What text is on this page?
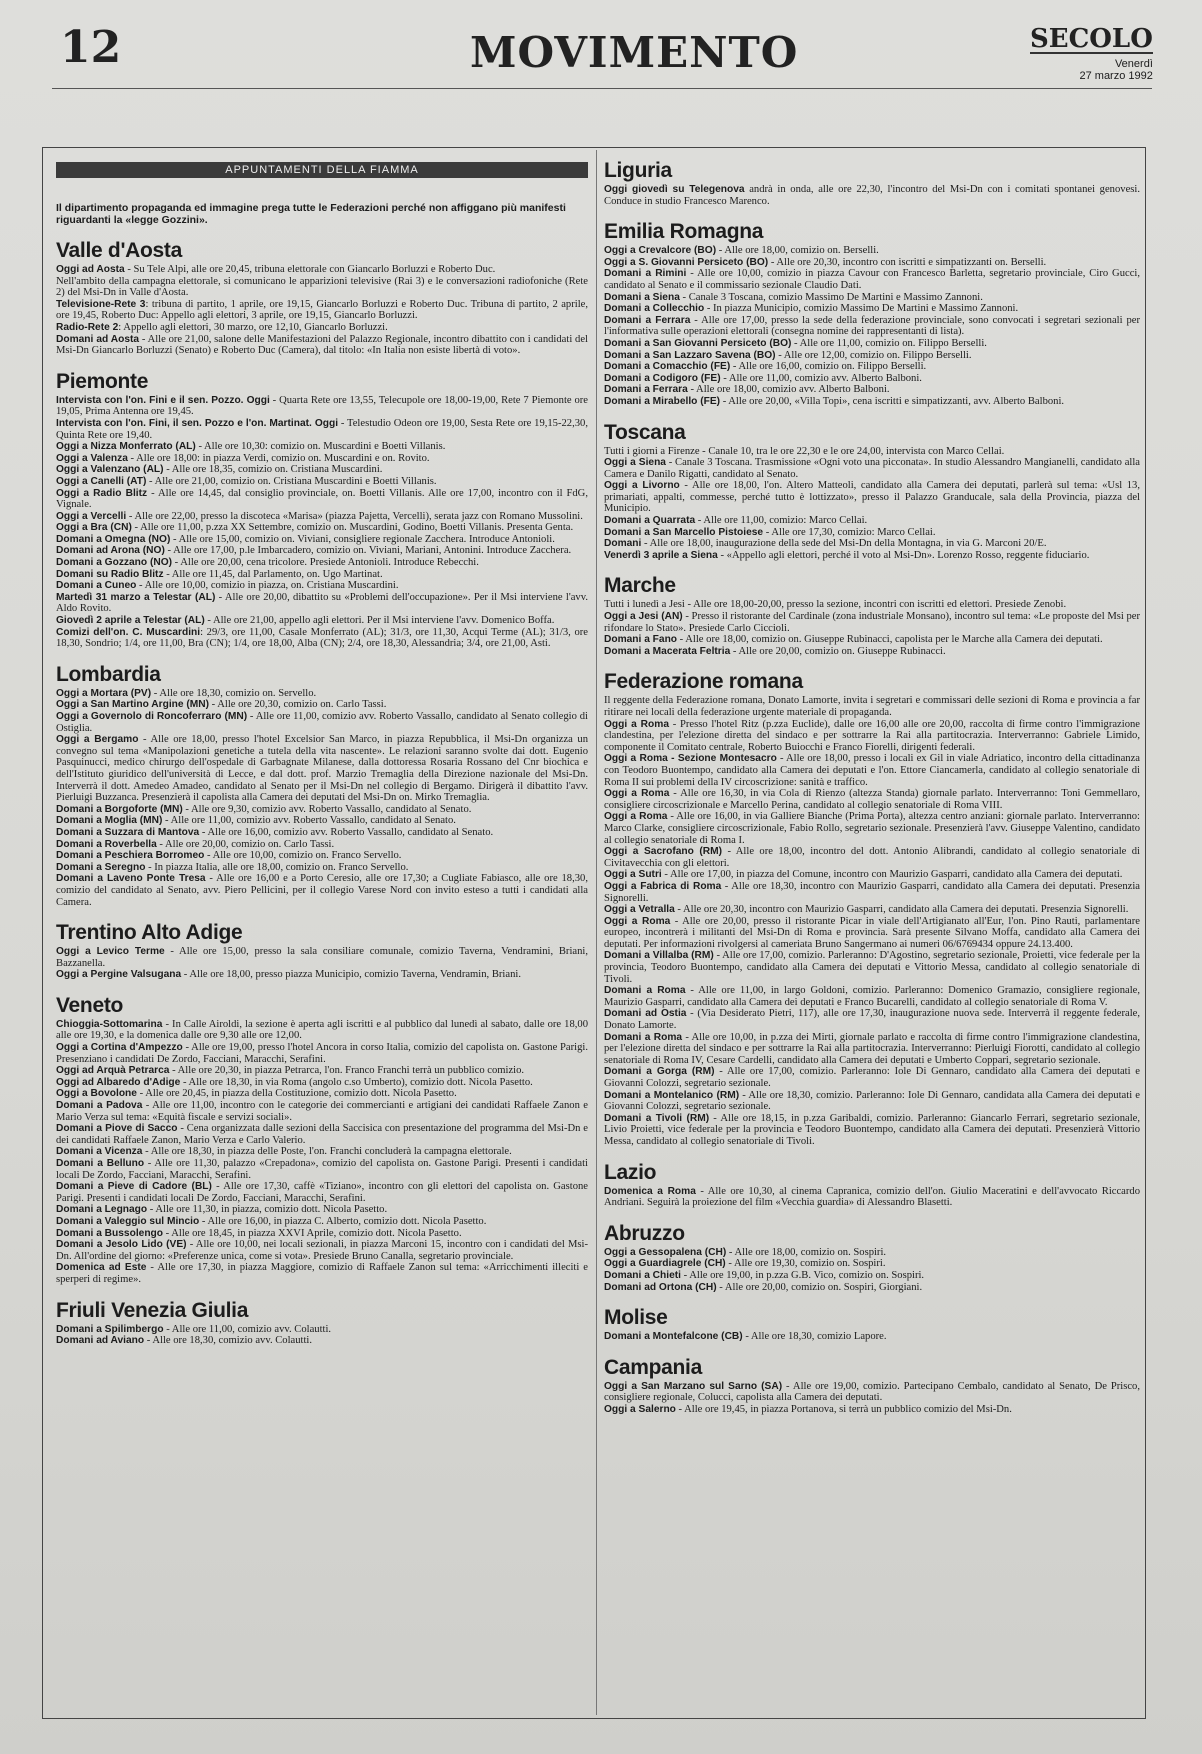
12	MOVIMENTO	SECOLO
Venerdì
27 marzo 1992
APPUNTAMENTI DELLA FIAMMA

Il dipartimento propaganda ed immagine prega tutte le Federazioni perché non affiggano più manifesti riguardanti la «legge Gozzini».

Valle d'Aosta

Oggi ad Aosta - Su Tele Alpi, alle ore 20,45, tribuna elettorale con Giancarlo Borluzzi e Roberto Duc.

Nell'ambito della campagna elettorale, si comunicano le apparizioni televisive (Rai 3) e le conversazioni radiofoniche (Rete 2) del Msi-Dn in Valle d'Aosta.

Televisione-Rete 3: tribuna di partito, 1 aprile, ore 19,15, Giancarlo Borluzzi e Roberto Duc. Tribuna di partito, 2 aprile, ore 19,45, Roberto Duc: Appello agli elettori, 3 aprile, ore 19,15, Giancarlo Borluzzi.

Radio-Rete 2: Appello agli elettori, 30 marzo, ore 12,10, Giancarlo Borluzzi.

Domani ad Aosta - Alle ore 21,00, salone delle Manifestazioni del Palazzo Regionale, incontro dibattito con i candidati del Msi-Dn Giancarlo Borluzzi (Senato) e Roberto Duc (Camera), dal titolo: «In Italia non esiste libertà di voto».

Piemonte

Intervista con l'on. Fini e il sen. Pozzo. Oggi - Quarta Rete ore 13,55, Telecupole ore 18,00-19,00, Rete 7 Piemonte ore 19,05, Prima Antenna ore 19,45.

Intervista con l'on. Fini, il sen. Pozzo e l'on. Martinat. Oggi - Telestudio Odeon ore 19,00, Sesta Rete ore 19,15-22,30, Quinta Rete ore 19,40.

Oggi a Nizza Monferrato (AL) - Alle ore 10,30: comizio on. Muscardini e Boetti Villanis.

Oggi a Valenza - Alle ore 18,00: in piazza Verdi, comizio on. Muscardini e on. Rovito.

Oggi a Valenzano (AL) - Alle ore 18,35, comizio on. Cristiana Muscardini.

Oggi a Canelli (AT) - Alle ore 21,00, comizio on. Cristiana Muscardini e Boetti Villanis.

Oggi a Radio Blitz - Alle ore 14,45, dal consiglio provinciale, on. Boetti Villanis. Alle ore 17,00, incontro con il FdG, Vignale.

Oggi a Vercelli - Alle ore 22,00, presso la discoteca «Marisa» (piazza Pajetta, Vercelli), serata jazz con Romano Mussolini.

Oggi a Bra (CN) - Alle ore 11,00, p.zza XX Settembre, comizio on. Muscardini, Godino, Boetti Villanis. Presenta Genta.

Domani a Omegna (NO) - Alle ore 15,00, comizio on. Viviani, consigliere regionale Zacchera. Introduce Antonioli.

Domani ad Arona (NO) - Alle ore 17,00, p.le Imbarcadero, comizio on. Viviani, Mariani, Antonini. Introduce Zacchera.

Domani a Gozzano (NO) - Alle ore 20,00, cena tricolore. Presiede Antonioli. Introduce Rebecchi.

Domani su Radio Blitz - Alle ore 11,45, dal Parlamento, on. Ugo Martinat.

Domani a Cuneo - Alle ore 10,00, comizio in piazza, on. Cristiana Muscardini.

Martedì 31 marzo a Telestar (AL) - Alle ore 20,00, dibattito su «Problemi dell'occupazione». Per il Msi interviene l'avv. Aldo Rovito.

Giovedì 2 aprile a Telestar (AL) - Alle ore 21,00, appello agli elettori. Per il Msi interviene l'avv. Domenico Boffa.

Comizi dell'on. C. Muscardini: 29/3, ore 11,00, Casale Monferrato (AL); 31/3, ore 11,30, Acqui Terme (AL); 31/3, ore 18,30, Sondrio; 1/4, ore 11,00, Bra (CN); 1/4, ore 18,00, Alba (CN); 2/4, ore 18,30, Alessandria; 3/4, ore 21,00, Asti.

Lombardia

Oggi a Mortara (PV) - Alle ore 18,30, comizio on. Servello.

Oggi a San Martino Argine (MN) - Alle ore 20,30, comizio on. Carlo Tassi.

Oggi a Governolo di Roncoferraro (MN) - Alle ore 11,00, comizio avv. Roberto Vassallo, candidato al Senato collegio di Ostiglia.

Oggi a Bergamo - Alle ore 18,00, presso l'hotel Excelsior San Marco, in piazza Repubblica, il Msi-Dn organizza un convegno sul tema «Manipolazioni genetiche a tutela della vita nascente». Le relazioni saranno svolte dai dott. Eugenio Pasquinucci, medico chirurgo dell'ospedale di Garbagnate Milanese, dalla dottoressa Rosaria Rossano del Cnr biochica e dell'Istituto giuridico dell'università di Lecce, e dal dott. prof. Marzio Tremaglia della Direzione nazionale del Msi-Dn. Interverrà il dott. Amedeo Amadeo, candidato al Senato per il Msi-Dn nel collegio di Bergamo. Dirigerà il dibattito l'avv. Pierluigi Buzzanca. Presenzierà il capolista alla Camera dei deputati del Msi-Dn on. Mirko Tremaglia.

Domani a Borgoforte (MN) - Alle ore 9,30, comizio avv. Roberto Vassallo, candidato al Senato.

Domani a Moglia (MN) - Alle ore 11,00, comizio avv. Roberto Vassallo, candidato al Senato.

Domani a Suzzara di Mantova - Alle ore 16,00, comizio avv. Roberto Vassallo, candidato al Senato.

Domani a Roverbella - Alle ore 20,00, comizio on. Carlo Tassi.

Domani a Peschiera Borromeo - Alle ore 10,00, comizio on. Franco Servello.

Domani a Seregno - In piazza Italia, alle ore 18,00, comizio on. Franco Servello.

Domani a Laveno Ponte Tresa - Alle ore 16,00 e a Porto Ceresio, alle ore 17,30; a Cugliate Fabiasco, alle ore 18,30, comizio del candidato al Senato, avv. Piero Pellicini, per il collegio Varese Nord con invito esteso a tutti i candidati alla Camera.

Trentino Alto Adige

Oggi a Levico Terme - Alle ore 15,00, presso la sala consiliare comunale, comizio Taverna, Vendramini, Briani, Bazzanella.

Oggi a Pergine Valsugana - Alle ore 18,00, presso piazza Municipio, comizio Taverna, Vendramin, Briani.

Veneto

Chioggia-Sottomarina - In Calle Airoldi, la sezione è aperta agli iscritti e al pubblico dal lunedì al sabato, dalle ore 18,00 alle ore 19,30, e la domenica dalle ore 9,30 alle ore 12,00.

Oggi a Cortina d'Ampezzo - Alle ore 19,00, presso l'hotel Ancora in corso Italia, comizio del capolista on. Gastone Parigi. Presenziano i candidati De Zordo, Facciani, Maracchi, Serafini.

Oggi ad Arquà Petrarca - Alle ore 20,30, in piazza Petrarca, l'on. Franco Franchi terrà un pubblico comizio.

Oggi ad Albaredo d'Adige - Alle ore 18,30, in via Roma (angolo c.so Umberto), comizio dott. Nicola Pasetto.

Oggi a Bovolone - Alle ore 20,45, in piazza della Costituzione, comizio dott. Nicola Pasetto.

Domani a Padova - Alle ore 11,00, incontro con le categorie dei commercianti e artigiani dei candidati Raffaele Zanon e Mario Verza sul tema: «Equità fiscale e servizi sociali».

Domani a Piove di Sacco - Cena organizzata dalle sezioni della Saccisica con presentazione del programma del Msi-Dn e dei candidati Raffaele Zanon, Mario Verza e Carlo Valerio.

Domani a Vicenza - Alle ore 18,30, in piazza delle Poste, l'on. Franchi concluderà la campagna elettorale.

Domani a Belluno - Alle ore 11,30, palazzo «Crepadona», comizio del capolista on. Gastone Parigi. Presenti i candidati locali De Zordo, Facciani, Maracchi, Serafini.

Domani a Pieve di Cadore (BL) - Alle ore 17,30, caffè «Tiziano», incontro con gli elettori del capolista on. Gastone Parigi. Presenti i candidati locali De Zordo, Facciani, Maracchi, Serafini.

Domani a Legnago - Alle ore 11,30, in piazza, comizio dott. Nicola Pasetto.

Domani a Valeggio sul Mincio - Alle ore 16,00, in piazza C. Alberto, comizio dott. Nicola Pasetto.

Domani a Bussolengo - Alle ore 18,45, in piazza XXVI Aprile, comizio dott. Nicola Pasetto.

Domani a Jesolo Lido (VE) - Alle ore 10,00, nei locali sezionali, in piazza Marconi 15, incontro con i candidati del Msi-Dn. All'ordine del giorno: «Preferenze unica, come si vota». Presiede Bruno Canalla, segretario provinciale.

Domenica ad Este - Alle ore 17,30, in piazza Maggiore, comizio di Raffaele Zanon sul tema: «Arricchimenti illeciti e sperperi di regime».

Friuli Venezia Giulia

Domani a Spilimbergo - Alle ore 11,00, comizio avv. Colautti.

Domani ad Aviano - Alle ore 18,30, comizio avv. Colautti.

Liguria

Oggi giovedì su Telegenova andrà in onda, alle ore 22,30, l'incontro del Msi-Dn con i comitati spontanei genovesi. Conduce in studio Francesco Marenco.

Emilia Romagna

Oggi a Crevalcore (BO) - Alle ore 18,00, comizio on. Berselli.

Oggi a S. Giovanni Persiceto (BO) - Alle ore 20,30, incontro con iscritti e simpatizzanti on. Berselli.

Domani a Rimini - Alle ore 10,00, comizio in piazza Cavour con Francesco Barletta, segretario provinciale, Ciro Gucci, candidato al Senato e il commissario sezionale Claudio Dati.

Domani a Siena - Canale 3 Toscana, comizio Massimo De Martini e Massimo Zannoni.

Domani a Collecchio - In piazza Municipio, comizio Massimo De Martini e Massimo Zannoni.

Domani a Ferrara - Alle ore 17,00, presso la sede della federazione provinciale, sono convocati i segretari sezionali per l'informativa sulle operazioni elettorali (consegna nomine dei rappresentanti di lista).

Domani a San Giovanni Persiceto (BO) - Alle ore 11,00, comizio on. Filippo Berselli.

Domani a San Lazzaro Savena (BO) - Alle ore 12,00, comizio on. Filippo Berselli.

Domani a Comacchio (FE) - Alle ore 16,00, comizio on. Filippo Berselli.

Domani a Codigoro (FE) - Alle ore 11,00, comizio avv. Alberto Balboni.

Domani a Ferrara - Alle ore 18,00, comizio avv. Alberto Balboni.

Domani a Mirabello (FE) - Alle ore 20,00, «Villa Topi», cena iscritti e simpatizzanti, avv. Alberto Balboni.

Toscana

Tutti i giorni a Firenze - Canale 10, tra le ore 22,30 e le ore 24,00, intervista con Marco Cellai.

Oggi a Siena - Canale 3 Toscana. Trasmissione «Ogni voto una picconata». In studio Alessandro Mangianelli, candidato alla Camera e Danilo Rigatti, candidato al Senato.

Oggi a Livorno - Alle ore 18,00, l'on. Altero Matteoli, candidato alla Camera dei deputati, parlerà sul tema: «Usl 13, primariati, appalti, commesse, perché tutto è lottizzato», presso il Palazzo Granducale, sala della Provincia, piazza del Municipio.

Domani a Quarrata - Alle ore 11,00, comizio: Marco Cellai.

Domani a San Marcello Pistoiese - Alle ore 17,30, comizio: Marco Cellai.

Domani - Alle ore 18,00, inaugurazione della sede del Msi-Dn della Montagna, in via G. Marconi 20/E.

Venerdì 3 aprile a Siena - «Appello agli elettori, perché il voto al Msi-Dn». Lorenzo Rosso, reggente fiduciario.

Marche

Tutti i lunedì a Jesi - Alle ore 18,00-20,00, presso la sezione, incontri con iscritti ed elettori. Presiede Zenobi.

Oggi a Jesi (AN) - Presso il ristorante del Cardinale (zona industriale Monsano), incontro sul tema: «Le proposte del Msi per rifondare lo Stato». Presiede Carlo Ciccioli.

Domani a Fano - Alle ore 18,00, comizio on. Giuseppe Rubinacci, capolista per le Marche alla Camera dei deputati.

Domani a Macerata Feltria - Alle ore 20,00, comizio on. Giuseppe Rubinacci.

Federazione romana

Il reggente della Federazione romana, Donato Lamorte, invita i segretari e commissari delle sezioni di Roma e provincia a far ritirare nei locali della federazione urgente materiale di propaganda.

Oggi a Roma - Presso l'hotel Ritz (p.zza Euclide), dalle ore 16,00 alle ore 20,00, raccolta di firme contro l'immigrazione clandestina, per l'elezione diretta del sindaco e per sottrarre la Rai alla partitocrazia. Interverranno: Gabriele Limido, componente il Comitato centrale, Roberto Buiocchi e Franco Fiorelli, dirigenti federali.

Oggi a Roma - Sezione Montesacro - Alle ore 18,00, presso i locali ex Gil in viale Adriatico, incontro della cittadinanza con Teodoro Buontempo, candidato alla Camera dei deputati e l'on. Ettore Ciancamerla, candidato al collegio senatoriale di Roma II sui problemi della IV circoscrizione: sanità e traffico.

Oggi a Roma - Alle ore 16,30, in via Cola di Rienzo (altezza Standa) giornale parlato. Interverranno: Toni Gemmellaro, consigliere circoscrizionale e Marcello Perina, candidato al collegio senatoriale di Roma VIII.

Oggi a Roma - Alle ore 16,00, in via Galliere Bianche (Prima Porta), altezza centro anziani: giornale parlato. Interverranno: Marco Clarke, consigliere circoscrizionale, Fabio Rollo, segretario sezionale. Presenzierà l'avv. Giuseppe Valentino, candidato al collegio senatoriale di Roma I.

Oggi a Sacrofano (RM) - Alle ore 18,00, incontro del dott. Antonio Alibrandi, candidato al collegio senatoriale di Civitavecchia con gli elettori.

Oggi a Sutri - Alle ore 17,00, in piazza del Comune, incontro con Maurizio Gasparri, candidato alla Camera dei deputati.

Oggi a Fabrica di Roma - Alle ore 18,30, incontro con Maurizio Gasparri, candidato alla Camera dei deputati. Presenzia Signorelli.

Oggi a Vetralla - Alle ore 20,30, incontro con Maurizio Gasparri, candidato alla Camera dei deputati. Presenzia Signorelli.

Oggi a Roma - Alle ore 20,00, presso il ristorante Picar in viale dell'Artigianato all'Eur, l'on. Pino Rauti, parlamentare europeo, incontrerà i militanti del Msi-Dn di Roma e provincia. Sarà presente Silvano Moffa, candidato alla Camera dei deputati. Per informazioni rivolgersi al cameriata Bruno Sangermano ai numeri 06/6769434 oppure 24.13.400.

Domani a Villalba (RM) - Alle ore 17,00, comizio. Parleranno: D'Agostino, segretario sezionale, Proietti, vice federale per la provincia, Teodoro Buontempo, candidato alla Camera dei deputati e Vittorio Messa, candidato al collegio senatoriale di Tivoli.

Domani a Roma - Alle ore 11,00, in largo Goldoni, comizio. Parleranno: Domenico Gramazio, consigliere regionale, Maurizio Gasparri, candidato alla Camera dei deputati e Franco Bucarelli, candidato al collegio senatoriale di Roma V.

Domani ad Ostia - (Via Desiderato Pietri, 117), alle ore 17,30, inaugurazione nuova sede. Interverrà il reggente federale, Donato Lamorte.

Domani a Roma - Alle ore 10,00, in p.zza dei Mirti, giornale parlato e raccolta di firme contro l'immigrazione clandestina, per l'elezione diretta del sindaco e per sottrarre la Rai alla partitocrazia. Interverranno: Pierluigi Fiorotti, candidato al collegio senatoriale di Roma IV, Cesare Cardelli, candidato alla Camera dei deputati e Umberto Coppari, segretario sezionale.

Domani a Gorga (RM) - Alle ore 17,00, comizio. Parleranno: Iole Di Gennaro, candidato alla Camera dei deputati e Giovanni Colozzi, segretario sezionale.

Domani a Montelanico (RM) - Alle ore 18,30, comizio. Parleranno: Iole Di Gennaro, candidata alla Camera dei deputati e Giovanni Colozzi, segretario sezionale.

Domani a Tivoli (RM) - Alle ore 18,15, in p.zza Garibaldi, comizio. Parleranno: Giancarlo Ferrari, segretario sezionale, Livio Proietti, vice federale per la provincia e Teodoro Buontempo, candidato alla Camera dei deputati. Presenzierà Vittorio Messa, candidato al collegio senatoriale di Tivoli.

Lazio

Domenica a Roma - Alle ore 10,30, al cinema Capranica, comizio dell'on. Giulio Maceratini e dell'avvocato Riccardo Andriani. Seguirà la proiezione del film «Vecchia guardia» di Alessandro Blasetti.

Abruzzo

Oggi a Gessopalena (CH) - Alle ore 18,00, comizio on. Sospiri.

Oggi a Guardiagrele (CH) - Alle ore 19,30, comizio on. Sospiri.

Domani a Chieti - Alle ore 19,00, in p.zza G.B. Vico, comizio on. Sospiri.

Domani ad Ortona (CH) - Alle ore 20,00, comizio on. Sospiri, Giorgiani.

Molise

Domani a Montefalcone (CB) - Alle ore 18,30, comizio Lapore.

Campania

Oggi a San Marzano sul Sarno (SA) - Alle ore 19,00, comizio. Partecipano Cembalo, candidato al Senato, De Prisco, consigliere regionale, Colucci, capolista alla Camera dei deputati.

Oggi a Salerno - Alle ore 19,45, in piazza Portanova, si terrà un pubblico comizio del Msi-Dn.
